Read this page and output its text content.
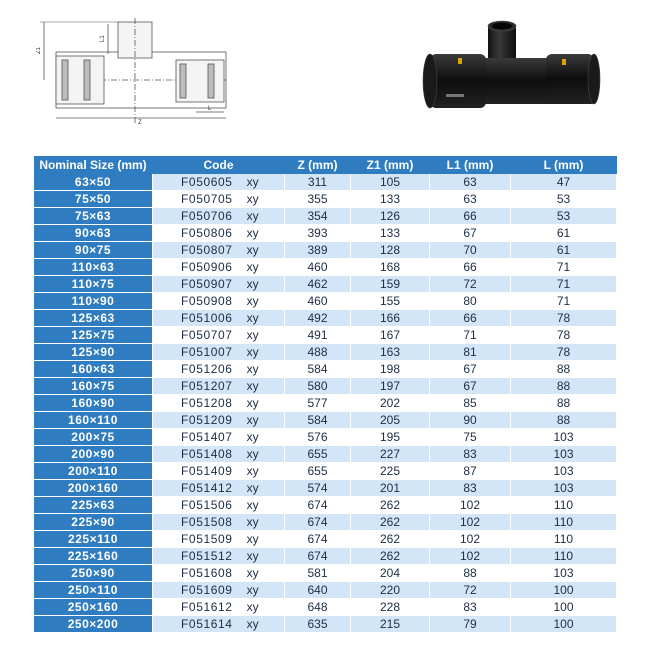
Z1
L1
Z
L
Nominal Size (mm)	Code	Z (mm)	Z1 (mm)	L1 (mm)	L (mm)
63×50	F050605 xy	311	105	63	47
75×50	F050705 xy	355	133	63	53
75×63	F050706 xy	354	126	66	53
90×63	F050806 xy	393	133	67	61
90×75	F050807 xy	389	128	70	61
110×63	F050906 xy	460	168	66	71
110×75	F050907 xy	462	159	72	71
110×90	F050908 xy	460	155	80	71
125×63	F051006 xy	492	166	66	78
125×75	F050707 xy	491	167	71	78
125×90	F051007 xy	488	163	81	78
160×63	F051206 xy	584	198	67	88
160×75	F051207 xy	580	197	67	88
160×90	F051208 xy	577	202	85	88
160×110	F051209 xy	584	205	90	88
200×75	F051407 xy	576	195	75	103
200×90	F051408 xy	655	227	83	103
200×110	F051409 xy	655	225	87	103
200×160	F051412 xy	574	201	83	103
225×63	F051506 xy	674	262	102	110
225×90	F051508 xy	674	262	102	110
225×110	F051509 xy	674	262	102	110
225×160	F051512 xy	674	262	102	110
250×90	F051608 xy	581	204	88	103
250×110	F051609 xy	640	220	72	100
250×160	F051612 xy	648	228	83	100
250×200	F051614 xy	635	215	79	100
